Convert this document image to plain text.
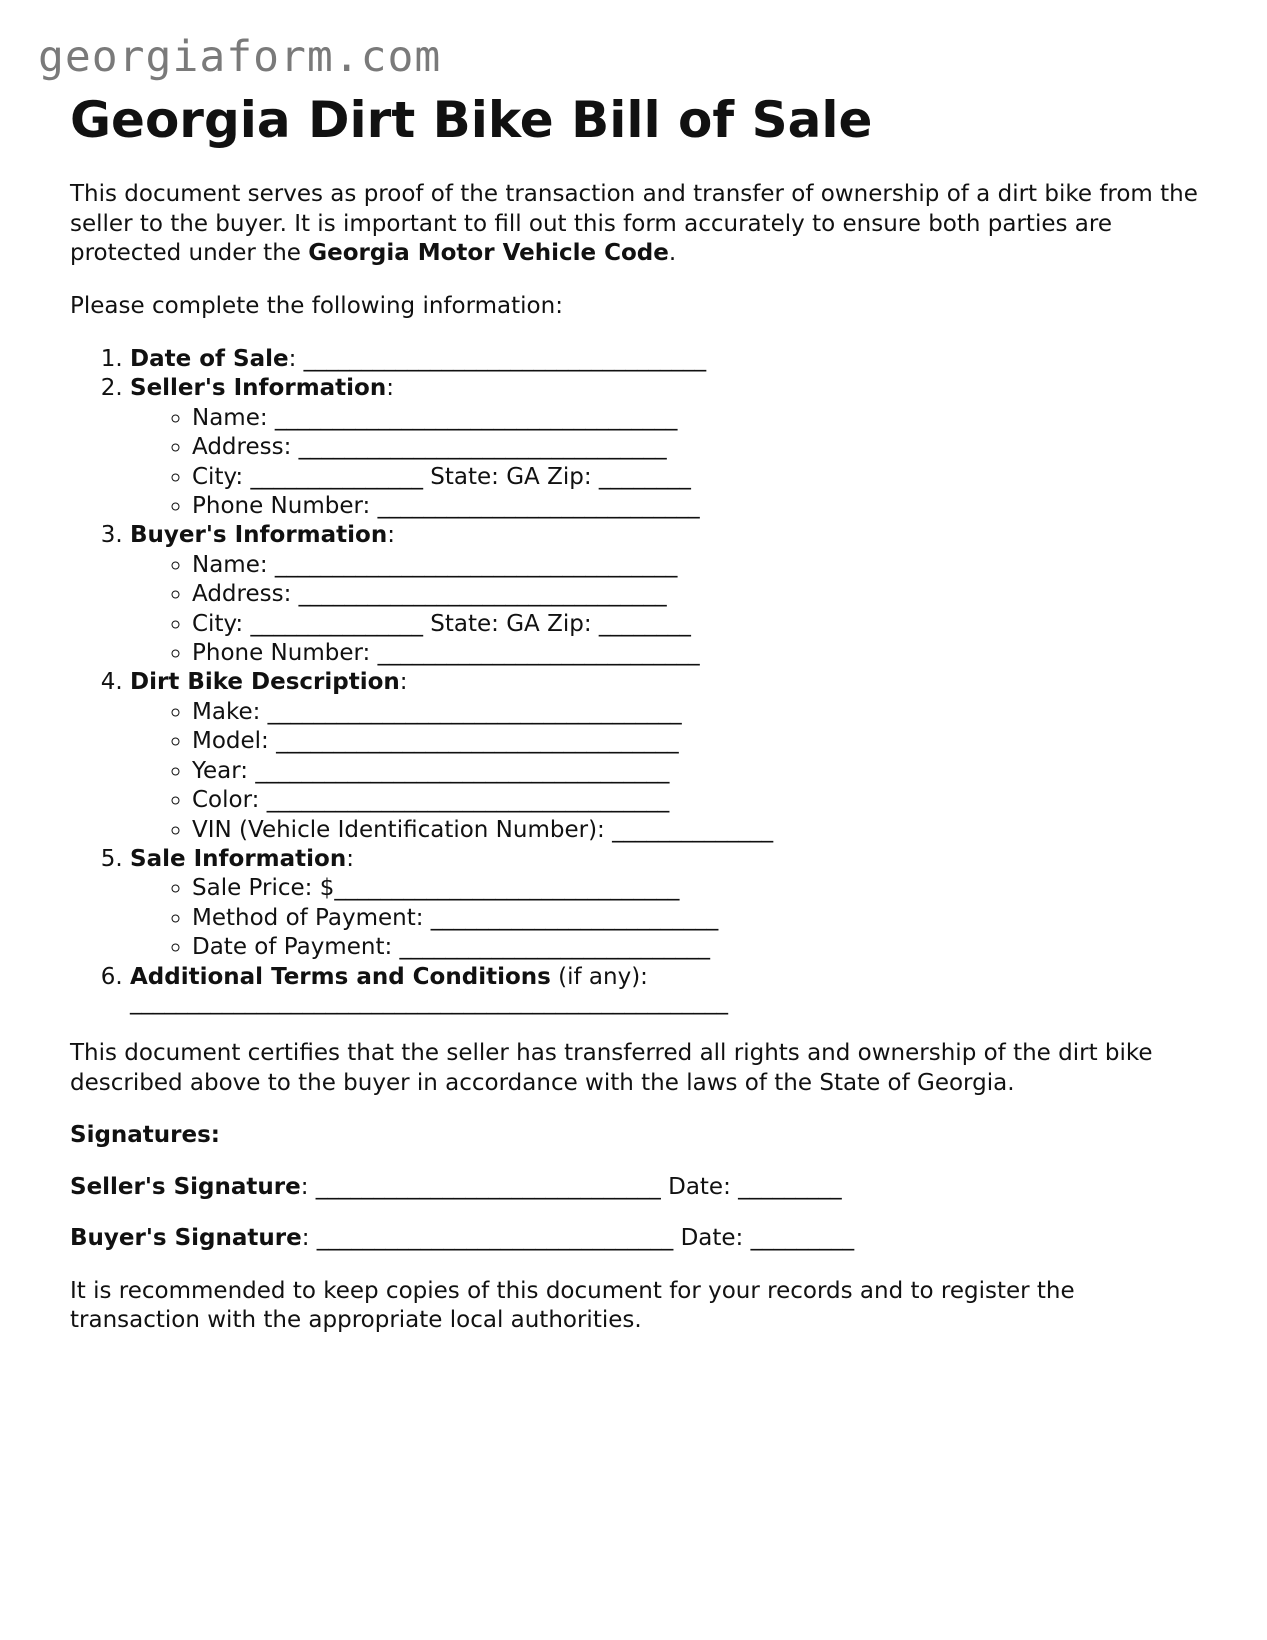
georgiaform.com
Georgia Dirt Bike Bill of Sale

This document serves as proof of the transaction and transfer of ownership of a dirt bike from the seller to the buyer. It is important to fill out this form accurately to ensure both parties are protected under the Georgia Motor Vehicle Code.

Please complete the following information:

1. Date of Sale: ___________________________________
2. Seller's Information:
◦ Name: ___________________________________
◦ Address: ________________________________
◦ City: _______________ State: GA Zip: ________
◦ Phone Number: ____________________________
3. Buyer's Information:
◦ Name: ___________________________________
◦ Address: ________________________________
◦ City: _______________ State: GA Zip: ________
◦ Phone Number: ____________________________
4. Dirt Bike Description:
◦ Make: ____________________________________
◦ Model: ___________________________________
◦ Year: ____________________________________
◦ Color: ___________________________________
◦ VIN (Vehicle Identification Number): ______________
5. Sale Information:
◦ Sale Price: $______________________________
◦ Method of Payment: _________________________
◦ Date of Payment: ___________________________
6. Additional Terms and Conditions (if any):
____________________________________________________

This document certifies that the seller has transferred all rights and ownership of the dirt bike described above to the buyer in accordance with the laws of the State of Georgia.

Signatures:

Seller's Signature: ______________________________ Date: _________

Buyer's Signature: _______________________________ Date: _________

It is recommended to keep copies of this document for your records and to register the transaction with the appropriate local authorities.
